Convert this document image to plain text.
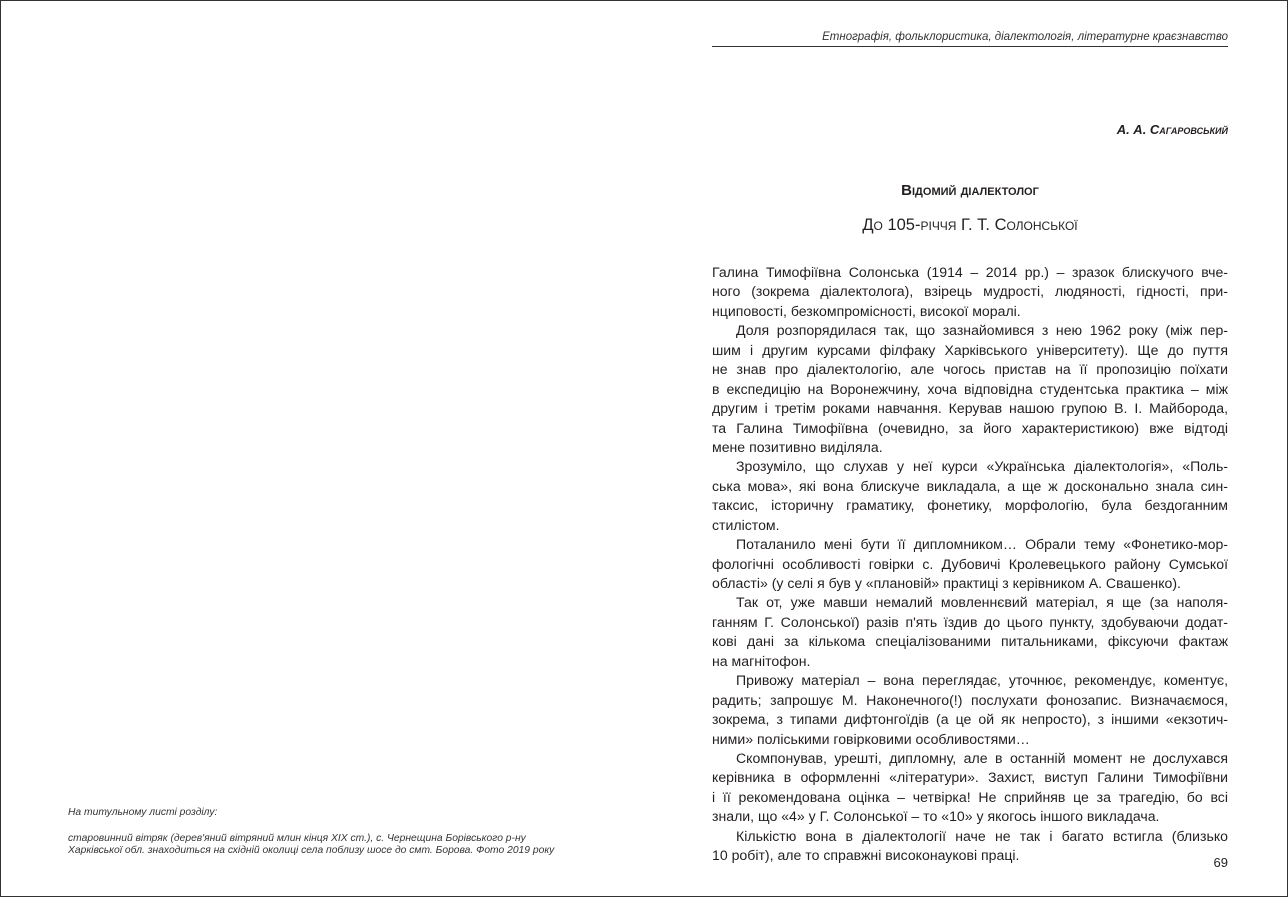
На титульному листі розділу:
старовинний вітряк (дерев'яний вітряний млин кінця XIX ст.), с. Чернещина Борівського р-ну
Харківської обл. знаходиться на східній околиці села поблизу шосе до смт. Борова. Фото 2019 року
Етнографія, фольклористика, діалектологія, літературне краєзнавство
А. А. Сагаровський
Відомий діалектолог
До 105-річчя Г. Т. Солонської
Галина Тимофіївна Солонська (1914 – 2014 рр.) – зразок блискучого вче-
ного (зокрема діалектолога), взірець мудрості, людяності, гідності, при-
нциповості, безкомпромісності, високої моралі.
Доля розпорядилася так, що зазнайомився з нею 1962 року (між пер-
шим і другим курсами філфаку Харківського університету). Ще до пуття
не знав про діалектологію, але чогось пристав на її пропозицію поїхати
в експедицію на Воронежчину, хоча відповідна студентська практика – між
другим і третім роками навчання. Керував нашою групою В. І. Майборода,
та Галина Тимофіївна (очевидно, за його характеристикою) вже відтоді
мене позитивно виділяла.
Зрозуміло, що слухав у неї курси «Українська діалектологія», «Поль-
ська мова», які вона блискуче викладала, а ще ж досконально знала син-
таксис, історичну граматику, фонетику, морфологію, була бездоганним
стилістом.
Поталанило мені бути її дипломником… Обрали тему «Фонетико-мор-
фологічні особливості говірки с. Дубовичі Кролевецького району Сумської
області» (у селі я був у «плановій» практиці з керівником А. Свашенко).
Так от, уже мавши немалий мовленнєвий матеріал, я ще (за наполя-
ганням Г. Солонської) разів п'ять їздив до цього пункту, здобуваючи додат-
кові дані за кількома спеціалізованими питальниками, фіксуючи фактаж
на магнітофон.
Привожу матеріал – вона переглядає, уточнює, рекомендує, коментує,
радить; запрошує М. Наконечного(!) послухати фонозапис. Визначаємося,
зокрема, з типами дифтонгоїдів (а це ой як непросто), з іншими «екзотич-
ними» поліськими говірковими особливостями…
Скомпонував, урешті, дипломну, але в останній момент не дослухався
керівника в оформленні «літератури». Захист, виступ Галини Тимофіївни
і її рекомендована оцінка – четвірка! Не сприйняв це за трагедію, бо всі
знали, що «4» у Г. Солонської – то «10» у якогось іншого викладача.
Кількістю вона в діалектології наче не так і багато встигла (близько
10 робіт), але то справжні високонаукові праці.	69
